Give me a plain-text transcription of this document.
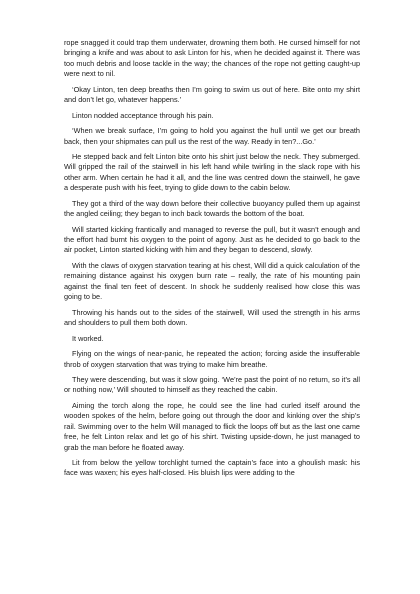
rope snagged it could trap them underwater, drowning them both. He cursed himself for not bringing a knife and was about to ask Linton for his, when he decided against it. There was too much debris and loose tackle in the way; the chances of the rope not getting caught-up were next to nil.

‘Okay Linton, ten deep breaths then I’m going to swim us out of here. Bite onto my shirt and don’t let go, whatever happens.’

Linton nodded acceptance through his pain.

‘When we break surface, I’m going to hold you against the hull until we get our breath back, then your shipmates can pull us the rest of the way. Ready in ten?...Go.’

He stepped back and felt Linton bite onto his shirt just below the neck. They submerged. Will gripped the rail of the stairwell in his left hand while twirling in the slack rope with his other arm. When certain he had it all, and the line was centred down the stairwell, he gave a desperate push with his feet, trying to glide down to the cabin below.

They got a third of the way down before their collective buoyancy pulled them up against the angled ceiling; they began to inch back towards the bottom of the boat.

Will started kicking frantically and managed to reverse the pull, but it wasn’t enough and the effort had burnt his oxygen to the point of agony. Just as he decided to go back to the air pocket, Linton started kicking with him and they began to descend, slowly.

With the claws of oxygen starvation tearing at his chest, Will did a quick calculation of the remaining distance against his oxygen burn rate – really, the rate of his mounting pain against the final ten feet of descent. In shock he suddenly realised how close this was going to be.

Throwing his hands out to the sides of the stairwell, Will used the strength in his arms and shoulders to pull them both down.

It worked.

Flying on the wings of near-panic, he repeated the action; forcing aside the insufferable throb of oxygen starvation that was trying to make him breathe.

They were descending, but was it slow going. ‘We’re past the point of no return, so it’s all or nothing now,’ Will shouted to himself as they reached the cabin.

Aiming the torch along the rope, he could see the line had curled itself around the wooden spokes of the helm, before going out through the door and kinking over the ship’s rail. Swimming over to the helm Will managed to flick the loops off but as the last one came free, he felt Linton relax and let go of his shirt. Twisting upside-down, he just managed to grab the man before he floated away.

Lit from below the yellow torchlight turned the captain’s face into a ghoulish mask: his face was waxen; his eyes half-closed. His bluish lips were adding to the
